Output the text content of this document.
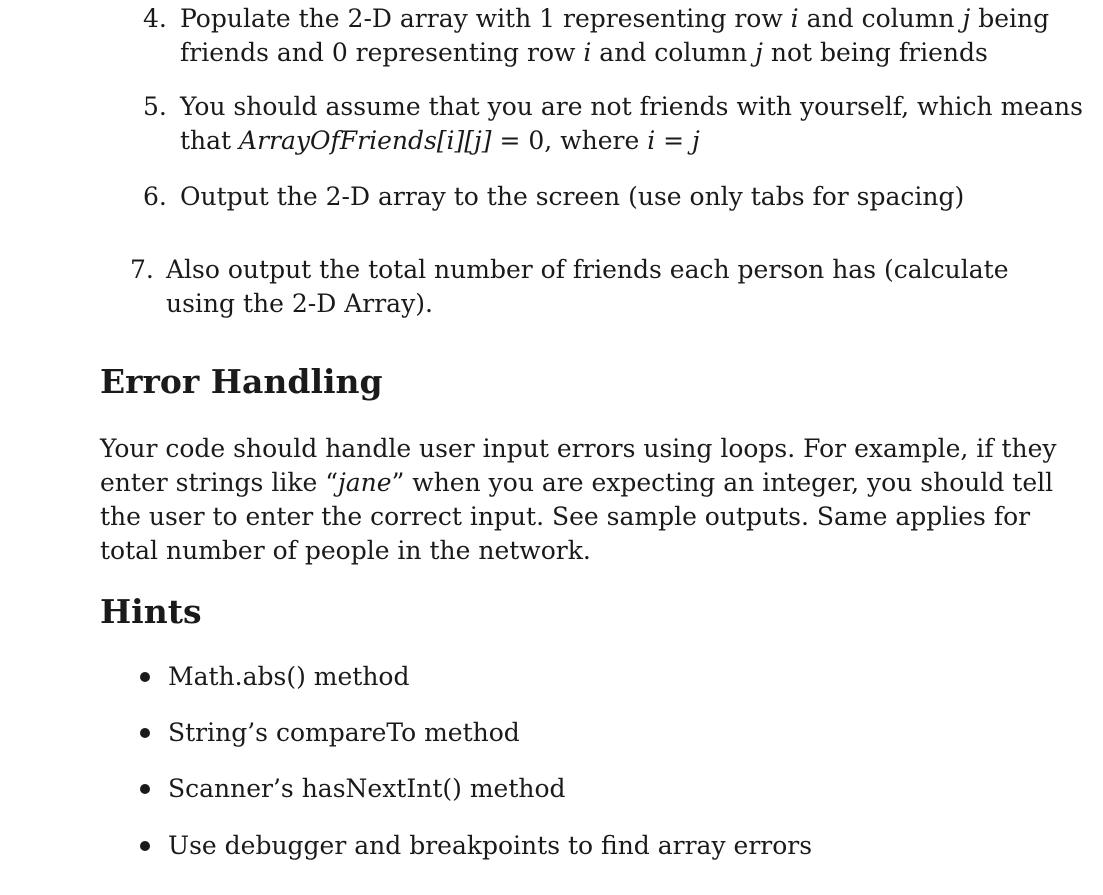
4. Populate the 2-D array with 1 representing row i and column j being
friends and 0 representing row i and column j not being friends
5. You should assume that you are not friends with yourself, which means
that ArrayOfFriends[i][j] = 0, where i = j
6. Output the 2-D array to the screen (use only tabs for spacing)
7. Also output the total number of friends each person has (calculate
using the 2-D Array).
Error Handling
Your code should handle user input errors using loops. For example, if they
enter strings like “jane” when you are expecting an integer, you should tell
the user to enter the correct input. See sample outputs. Same applies for
total number of people in the network.
Hints
Math.abs() method
String’s compareTo method
Scanner’s hasNextInt() method
Use debugger and breakpoints to find array errors
